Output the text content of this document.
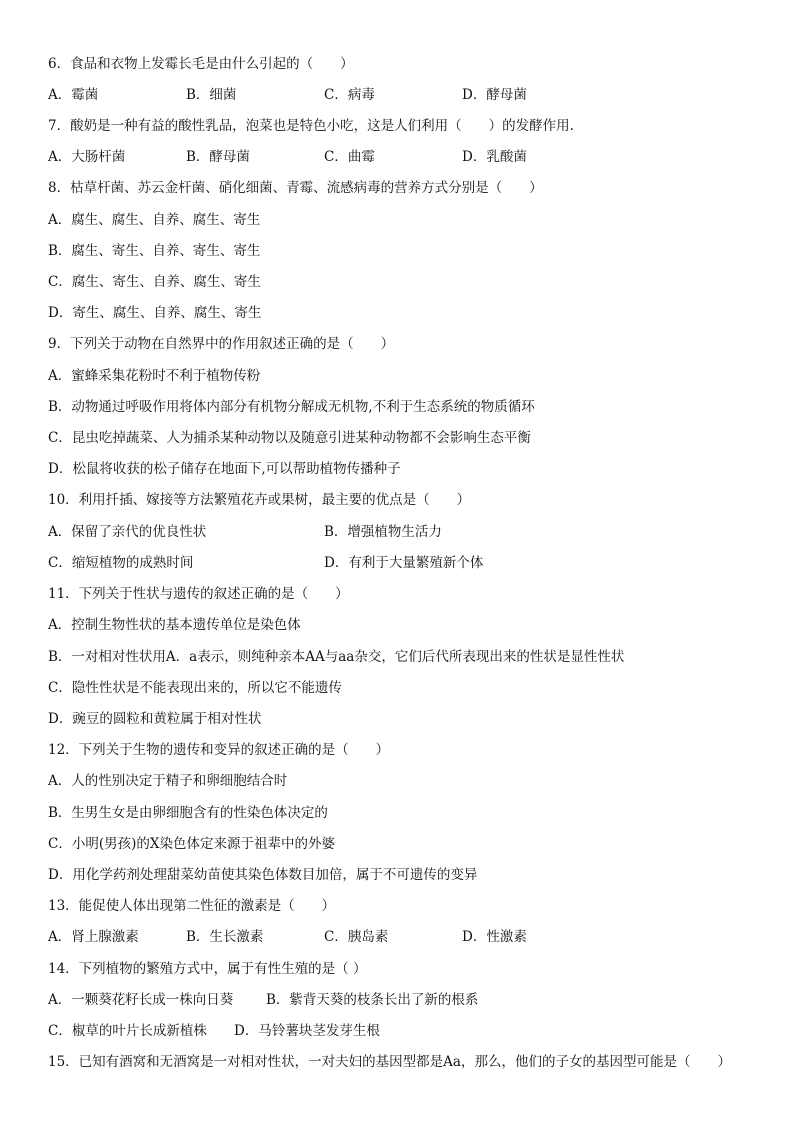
6．食品和衣物上发霉长毛是由什么引起的（　　）
A．霉菌	B．细菌	C．病毒	D．酵母菌
7．酸奶是一种有益的酸性乳品，泡菜也是特色小吃，这是人们利用（　　）的发酵作用.
A．大肠杆菌	B．酵母菌	C．曲霉	D．乳酸菌
8．枯草杆菌、苏云金杆菌、硝化细菌、青霉、流感病毒的营养方式分别是（　　）
A．腐生、腐生、自养、腐生、寄生
B．腐生、寄生、自养、寄生、寄生
C．腐生、寄生、自养、腐生、寄生
D．寄生、腐生、自养、腐生、寄生
9．下列关于动物在自然界中的作用叙述正确的是（　　）
A．蜜蜂采集花粉时不利于植物传粉
B．动物通过呼吸作用将体内部分有机物分解成无机物,不利于生态系统的物质循环
C．昆虫吃掉蔬菜、人为捕杀某种动物以及随意引进某种动物都不会影响生态平衡
D．松鼠将收获的松子储存在地面下,可以帮助植物传播种子
10．利用扦插、嫁接等方法繁殖花卉或果树，最主要的优点是（　　）
A．保留了亲代的优良性状	B．增强植物生活力
C．缩短植物的成熟时间	D．有利于大量繁殖新个体
11．下列关于性状与遗传的叙述正确的是（　　）
A．控制生物性状的基本遗传单位是染色体
B．一对相对性状用A．a表示，则纯种亲本AA与aa杂交，它们后代所表现出来的性状是显性性状
C．隐性性状是不能表现出来的，所以它不能遗传
D．豌豆的圆粒和黄粒属于相对性状
12．下列关于生物的遗传和变异的叙述正确的是（　　）
A．人的性别决定于精子和卵细胞结合时
B．生男生女是由卵细胞含有的性染色体决定的
C．小明(男孩)的X染色体定来源于祖辈中的外婆
D．用化学药剂处理甜菜幼苗使其染色体数目加倍，属于不可遗传的变异
13．能促使人体出现第二性征的激素是（　　）
A．肾上腺激素	B．生长激素	C．胰岛素	D．性激素
14．下列植物的繁殖方式中，属于有性生殖的是（ ）
A．一颗葵花籽长成一株向日葵 B．紫背天葵的枝条长出了新的根系
C．椒草的叶片长成新植株 D．马铃薯块茎发芽生根
15．已知有酒窝和无酒窝是一对相对性状，一对夫妇的基因型都是Aa，那么，他们的子女的基因型可能是（　　）
